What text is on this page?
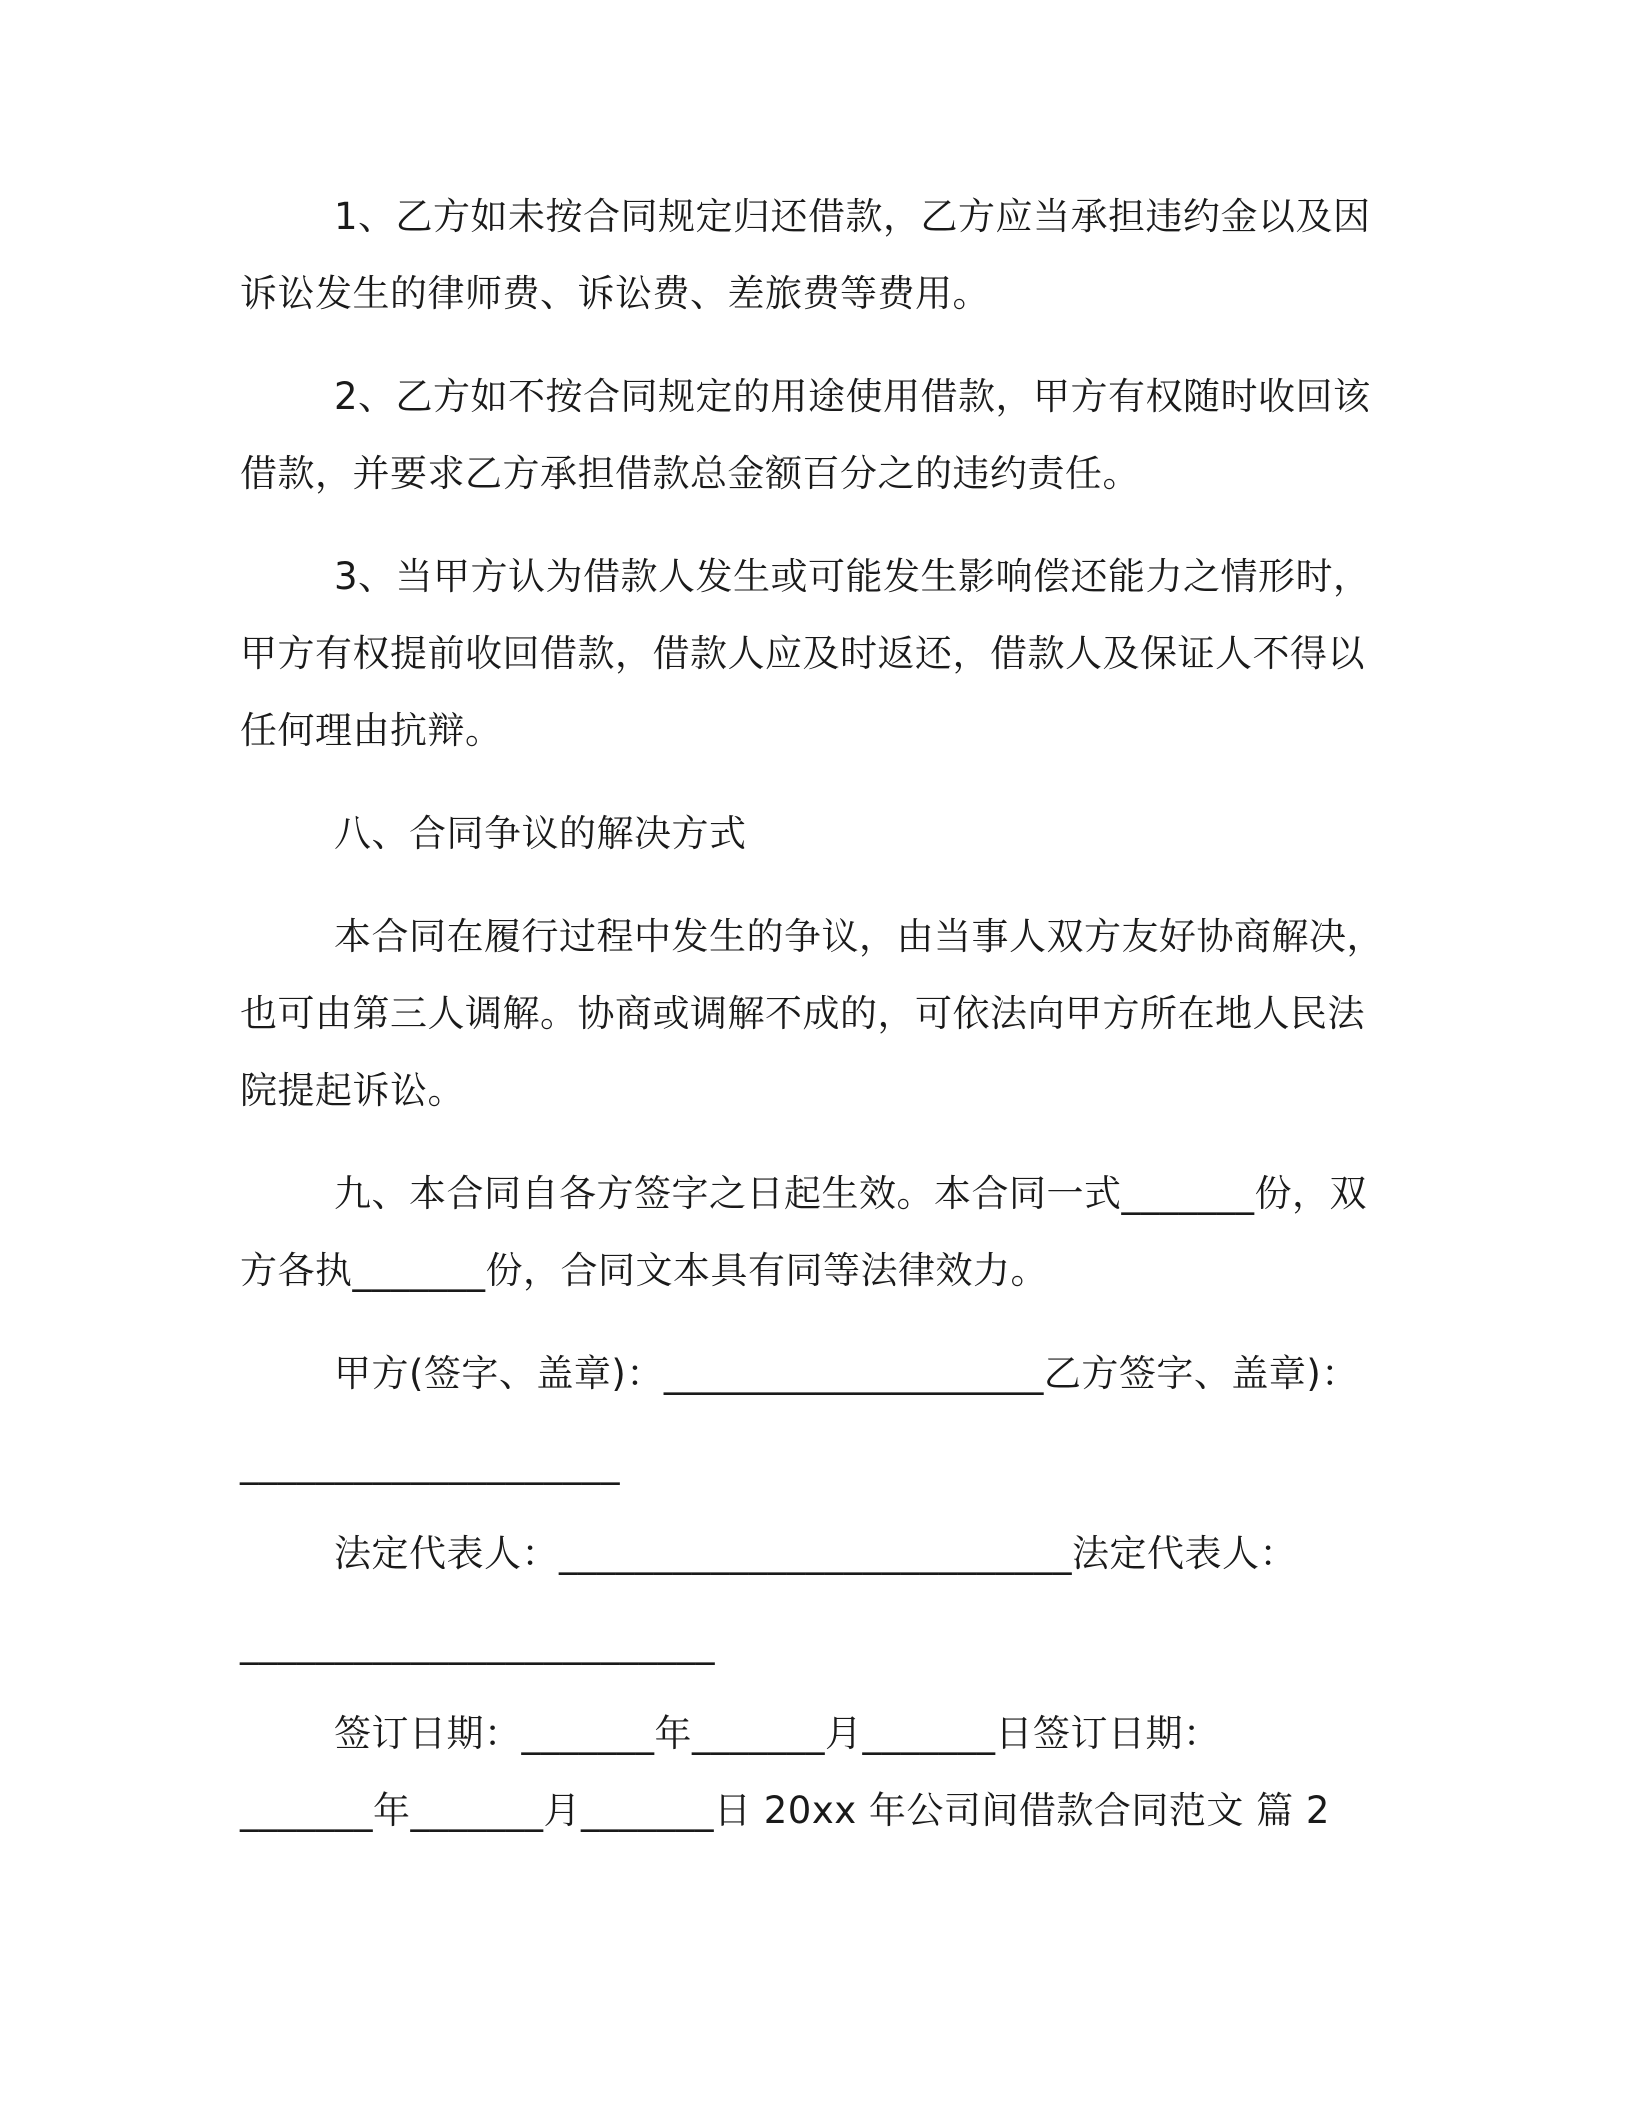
1、乙方如未按合同规定归还借款，乙方应当承担违约金以及因
诉讼发生的律师费、诉讼费、差旅费等费用。
2、乙方如不按合同规定的用途使用借款，甲方有权随时收回该
借款，并要求乙方承担借款总金额百分之的违约责任。
3、当甲方认为借款人发生或可能发生影响偿还能力之情形时，
甲方有权提前收回借款，借款人应及时返还，借款人及保证人不得以
任何理由抗辩。
八、合同争议的解决方式
本合同在履行过程中发生的争议，由当事人双方友好协商解决，
也可由第三人调解。协商或调解不成的，可依法向甲方所在地人民法
院提起诉讼。
九、本合同自各方签字之日起生效。本合同一式_______份，双
方各执_______份，合同文本具有同等法律效力。
甲方(签字、盖章)：____________________乙方签字、盖章)：
____________________
法定代表人：___________________________法定代表人：
_________________________
签订日期：_______年_______月_______日签订日期：
_______年_______月_______日 20xx 年公司间借款合同范文 篇 2
